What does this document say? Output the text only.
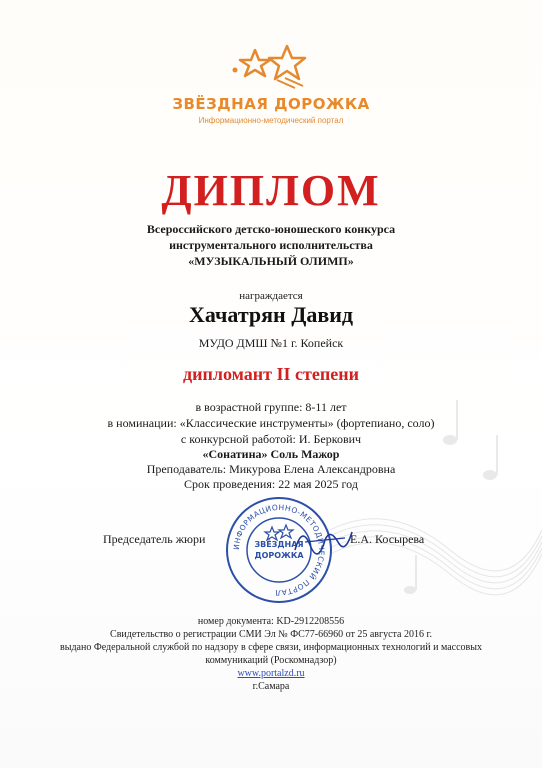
ЗВЁЗДНАЯ ДОРОЖКА
Информационно-методический портал
ДИПЛОМ
Всероссийского детско-юношеского конкурса
инструментального исполнительства
«МУЗЫКАЛЬНЫЙ ОЛИМП»
награждается
Хачатрян Давид
МУДО ДМШ №1 г. Копейск
дипломант II степени
в возрастной группе: 8-11 лет
в номинации: «Классические инструменты» (фортепиано, соло)
с конкурсной работой: И. Беркович
«Сонатина» Соль Мажор
Преподаватель: Микурова Елена Александровна
Срок проведения: 22 мая 2025 год
ИНФОРМАЦИОННО-МЕТОДИЧЕСКИЙ ПОРТАЛ
ЗВЁЗДНАЯ
ДОРОЖКА
Председатель жюри	Е.А. Косырева
номер документа: KD-2912208556
Свидетельство о регистрации СМИ Эл № ФС77-66960 от 25 августа 2016 г.
выдано Федеральной службой по надзору в сфере связи, информационных технологий и массовых
коммуникаций (Роскомнадзор)
www.portalzd.ru
г.Самара
